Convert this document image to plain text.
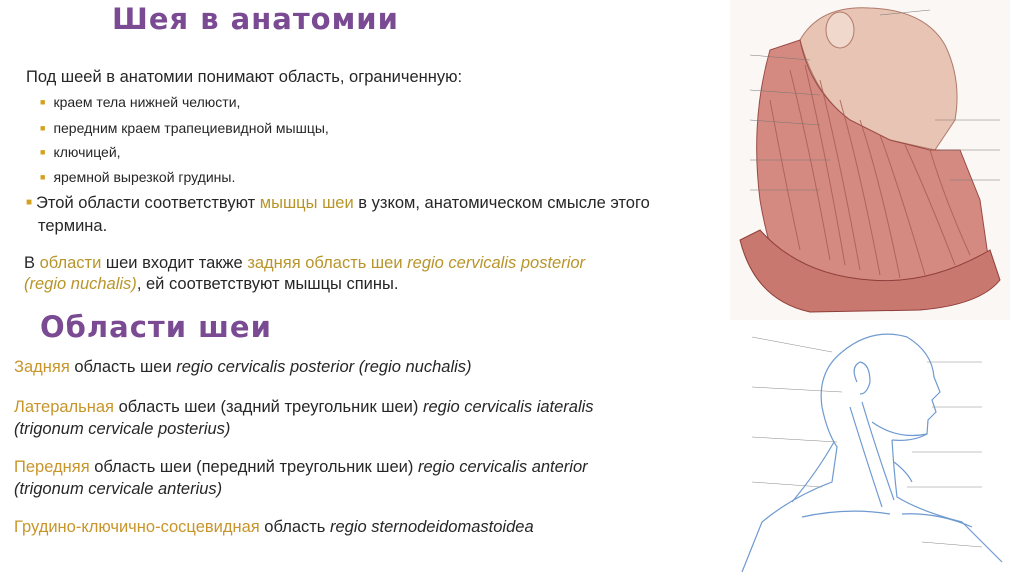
Шея в анатомии
Под шеей в анатомии понимают область, ограниченную:
■ краем тела нижней челюсти,
■ передним краем трапециевидной мышцы,
■ ключицей,
■ яремной вырезкой грудины.
■ Этой области соответствуют мышцы шеи в узком, анатомическом смысле этого
термина.
В области шеи входит также задняя область шеи regio cervicalis posterior
(regio nuchalis), ей соответствуют мышцы спины.
Области шеи
Задняя область шеи regio cervicalis posterior (regio nuchalis)
Латеральная область шеи (задний треугольник шеи) regio cervicalis iateralis
(trigonum cervicale posterius)
Передняя область шеи (передний треугольник шеи) regio cervicalis anterior
(trigonum cervicale anterius)
Грудино-ключично-сосцевидная область regio sternodeidomastoidea
